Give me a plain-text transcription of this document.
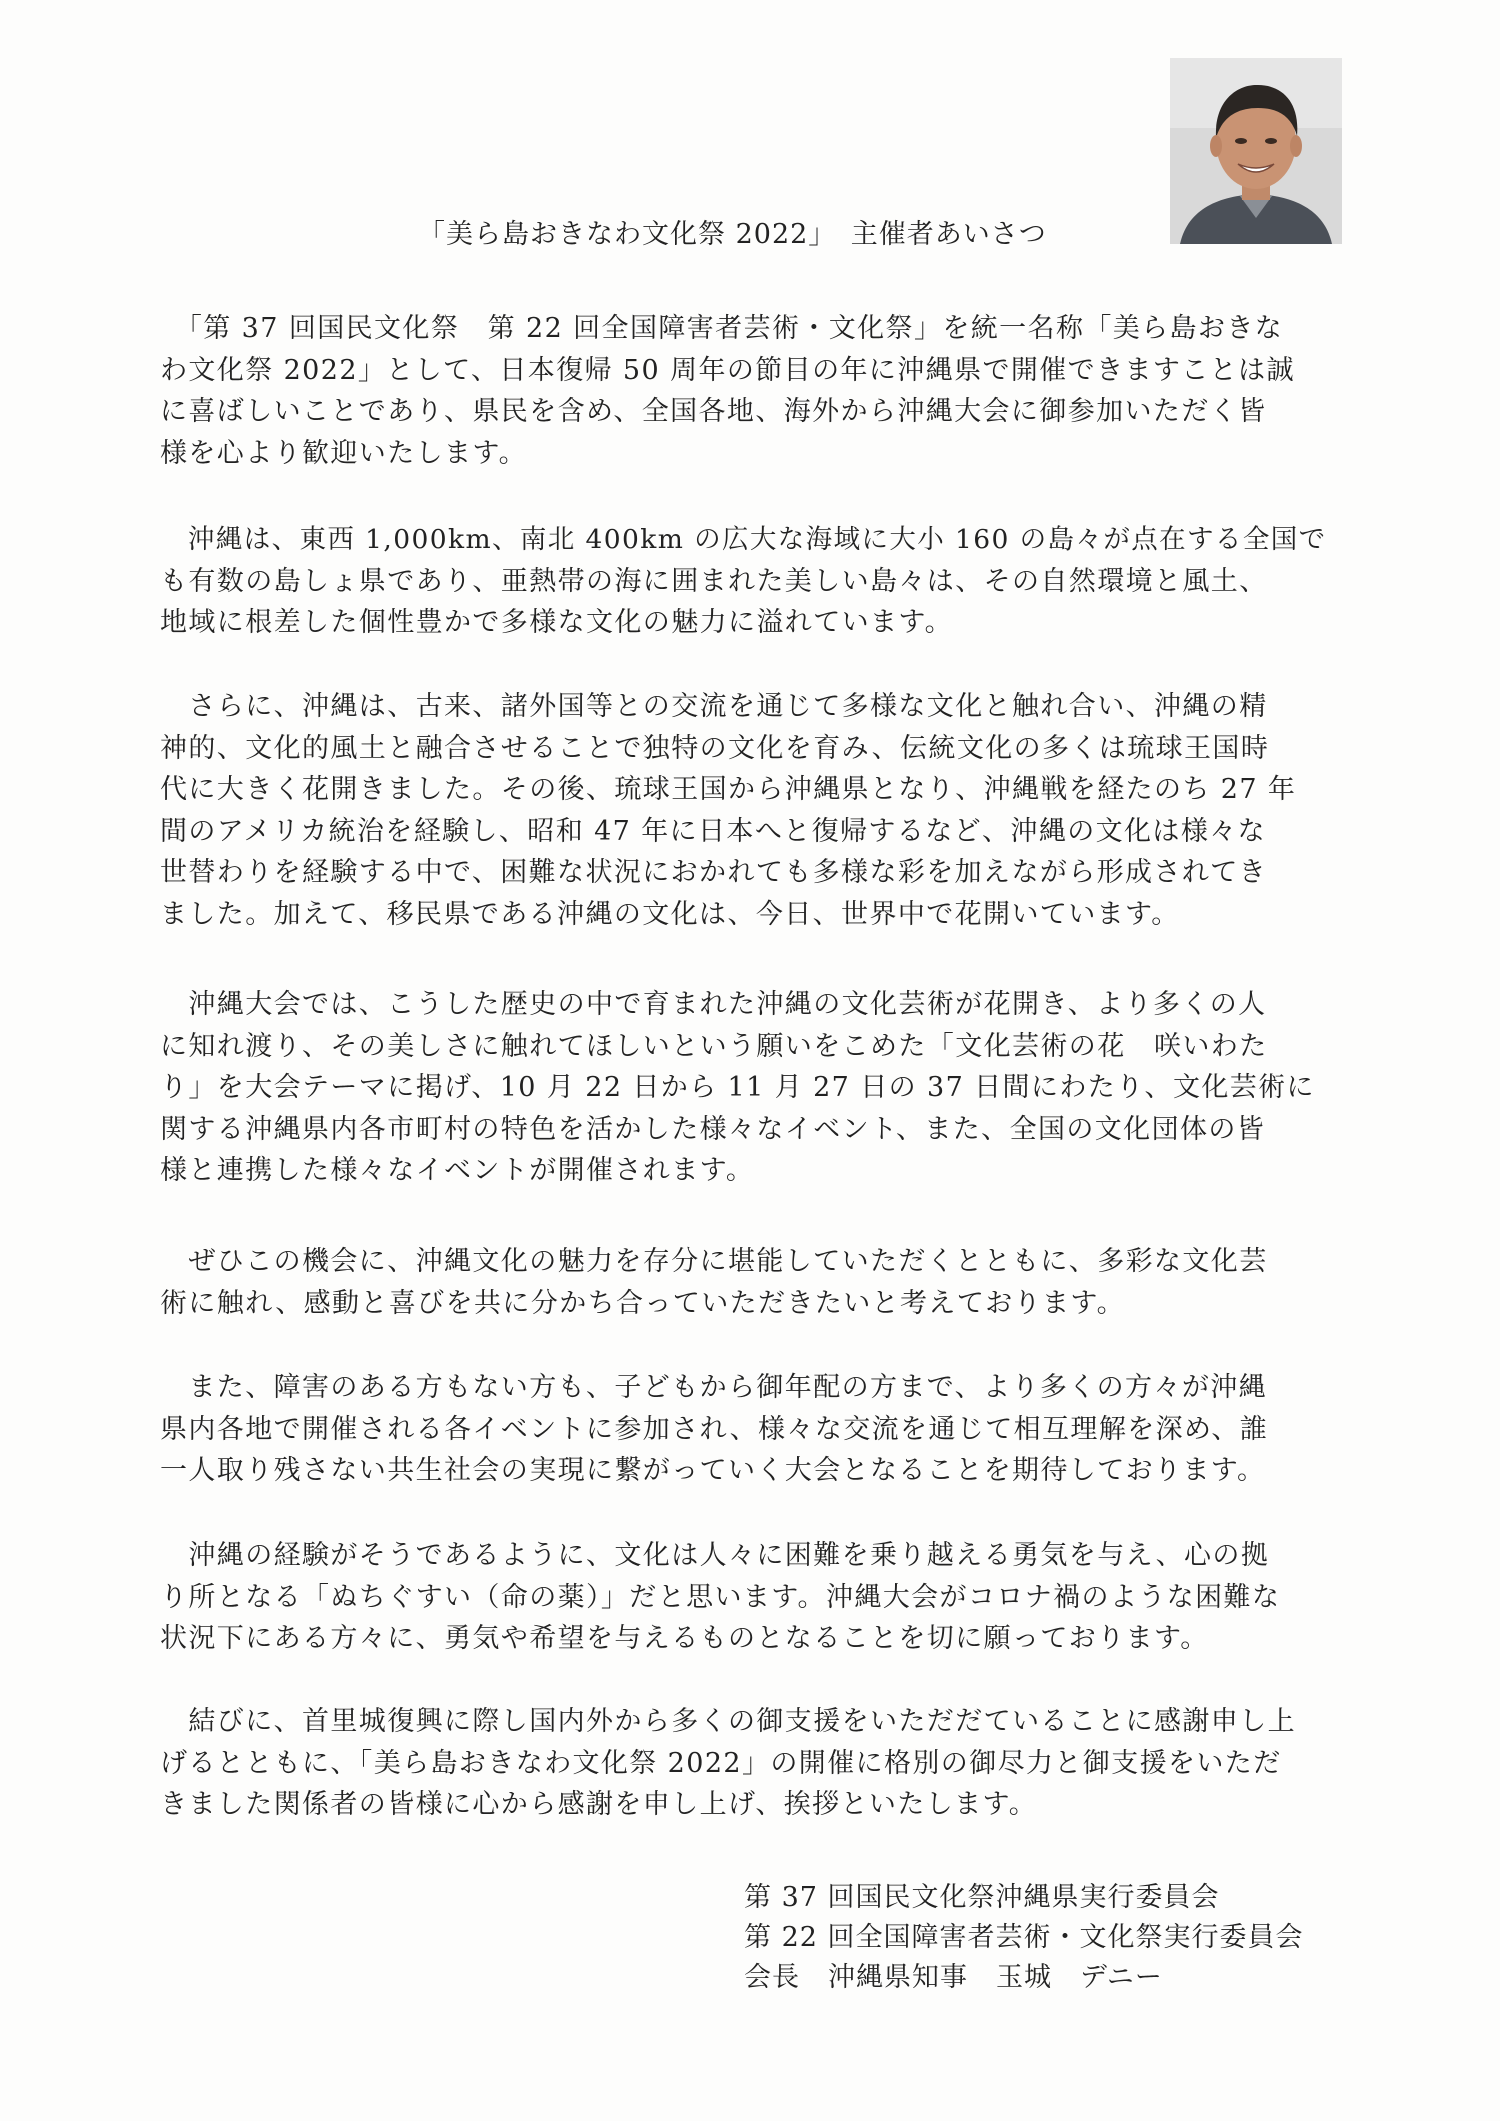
「美ら島おきなわ文化祭 2022」　主催者あいさつ
　「第 37 回国民文化祭　第 22 回全国障害者芸術・文化祭」を統一名称「美ら島おきな
わ文化祭 2022」として、日本復帰 50 周年の節目の年に沖縄県で開催できますことは誠
に喜ばしいことであり、県民を含め、全国各地、海外から沖縄大会に御参加いただく皆
様を心より歓迎いたします。
　沖縄は、東西 1,000km、南北 400km の広大な海域に大小 160 の島々が点在する全国で
も有数の島しょ県であり、亜熱帯の海に囲まれた美しい島々は、その自然環境と風土、
地域に根差した個性豊かで多様な文化の魅力に溢れています。
　さらに、沖縄は、古来、諸外国等との交流を通じて多様な文化と触れ合い、沖縄の精
神的、文化的風土と融合させることで独特の文化を育み、伝統文化の多くは琉球王国時
代に大きく花開きました。その後、琉球王国から沖縄県となり、沖縄戦を経たのち 27 年
間のアメリカ統治を経験し、昭和 47 年に日本へと復帰するなど、沖縄の文化は様々な
世替わりを経験する中で、困難な状況におかれても多様な彩を加えながら形成されてき
ました。加えて、移民県である沖縄の文化は、今日、世界中で花開いています。
　沖縄大会では、こうした歴史の中で育まれた沖縄の文化芸術が花開き、より多くの人
に知れ渡り、その美しさに触れてほしいという願いをこめた「文化芸術の花　咲いわた
り」を大会テーマに掲げ、10 月 22 日から 11 月 27 日の 37 日間にわたり、文化芸術に
関する沖縄県内各市町村の特色を活かした様々なイベント、また、全国の文化団体の皆
様と連携した様々なイベントが開催されます。
　ぜひこの機会に、沖縄文化の魅力を存分に堪能していただくとともに、多彩な文化芸
術に触れ、感動と喜びを共に分かち合っていただきたいと考えております。
　また、障害のある方もない方も、子どもから御年配の方まで、より多くの方々が沖縄
県内各地で開催される各イベントに参加され、様々な交流を通じて相互理解を深め、誰
一人取り残さない共生社会の実現に繋がっていく大会となることを期待しております。
　沖縄の経験がそうであるように、文化は人々に困難を乗り越える勇気を与え、心の拠
り所となる「ぬちぐすい（命の薬）」だと思います。沖縄大会がコロナ禍のような困難な
状況下にある方々に、勇気や希望を与えるものとなることを切に願っております。
　結びに、首里城復興に際し国内外から多くの御支援をいただだていることに感謝申し上
げるとともに、「美ら島おきなわ文化祭 2022」の開催に格別の御尽力と御支援をいただ
きました関係者の皆様に心から感謝を申し上げ、挨拶といたします。
第 37 回国民文化祭沖縄県実行委員会
第 22 回全国障害者芸術・文化祭実行委員会
会長　沖縄県知事　玉城　デニー
